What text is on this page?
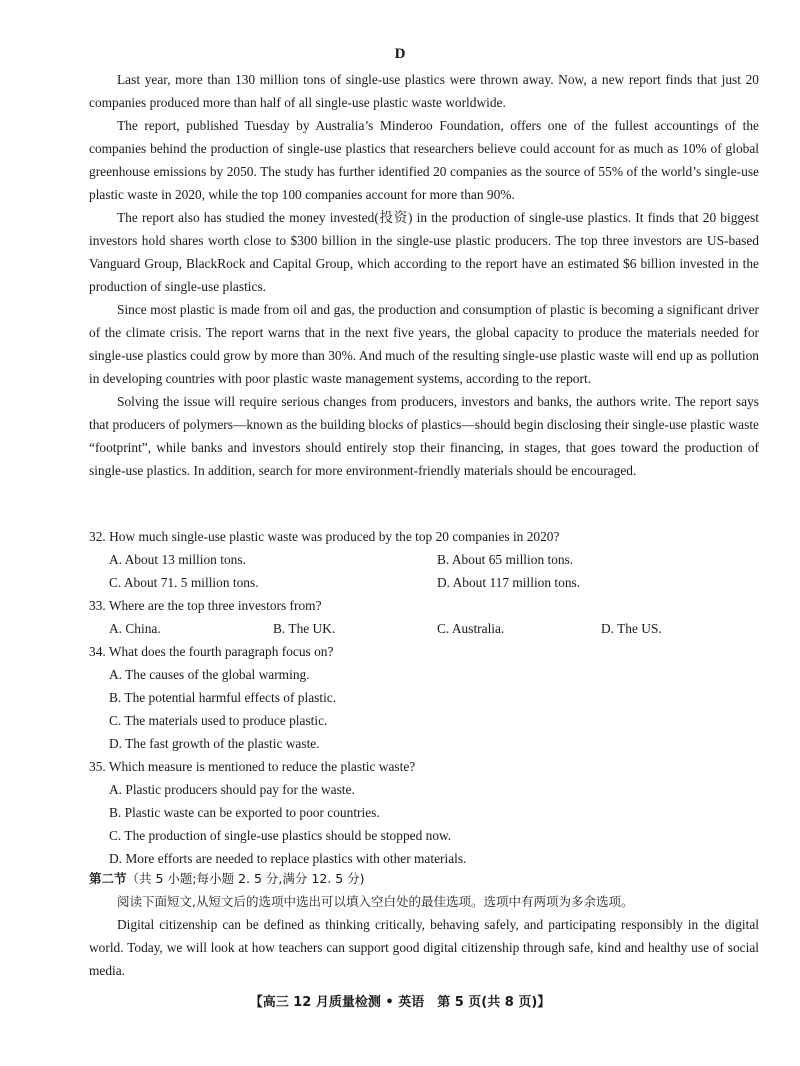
D

Last year, more than 130 million tons of single-use plastics were thrown away. Now, a new report finds that just 20 companies produced more than half of all single-use plastic waste worldwide.

The report, published Tuesday by Australia’s Minderoo Foundation, offers one of the fullest accountings of the companies behind the production of single-use plastics that researchers believe could account for as much as 10% of global greenhouse emissions by 2050. The study has further identified 20 companies as the source of 55% of the world’s single-use plastic waste in 2020, while the top 100 companies account for more than 90%.

The report also has studied the money invested(投资) in the production of single-use plastics. It finds that 20 biggest investors hold shares worth close to $300 billion in the single-use plastic producers. The top three investors are US-based Vanguard Group, BlackRock and Capital Group, which according to the report have an estimated $6 billion invested in the production of single-use plastics.

Since most plastic is made from oil and gas, the production and consumption of plastic is becoming a significant driver of the climate crisis. The report warns that in the next five years, the global capacity to produce the materials needed for single-use plastics could grow by more than 30%. And much of the resulting single-use plastic waste will end up as pollution in developing countries with poor plastic waste management systems, according to the report.

Solving the issue will require serious changes from producers, investors and banks, the authors write. The report says that producers of polymers—known as the building blocks of plastics—should begin disclosing their single-use plastic waste “footprint”, while banks and investors should entirely stop their financing, in stages, that goes toward the production of single-use plastics. In addition, search for more environment-friendly materials should be encouraged.

32. How much single-use plastic waste was produced by the top 20 companies in 2020?

A. About 13 million tons.	B. About 65 million tons.
C. About 71. 5 million tons.	D. About 117 million tons.

33. Where are the top three investors from?

A. China.	B. The UK.	C. Australia.	D. The US.

34. What does the fourth paragraph focus on?

A. The causes of the global warming.
B. The potential harmful effects of plastic.
C. The materials used to produce plastic.
D. The fast growth of the plastic waste.

35. Which measure is mentioned to reduce the plastic waste?

A. Plastic producers should pay for the waste.
B. Plastic waste can be exported to poor countries.
C. The production of single-use plastics should be stopped now.
D. More efforts are needed to replace plastics with other materials.

第二节（共 5 小题;每小题 2. 5 分,满分 12. 5 分)

阅读下面短文,从短文后的选项中选出可以填入空白处的最佳选项。选项中有两项为多余选项。

Digital citizenship can be defined as thinking critically, behaving safely, and participating responsibly in the digital world. Today, we will look at how teachers can support good digital citizenship through safe, kind and healthy use of social media.

【高三 12 月质量检测 • 英语　第 5 页(共 8 页)】
